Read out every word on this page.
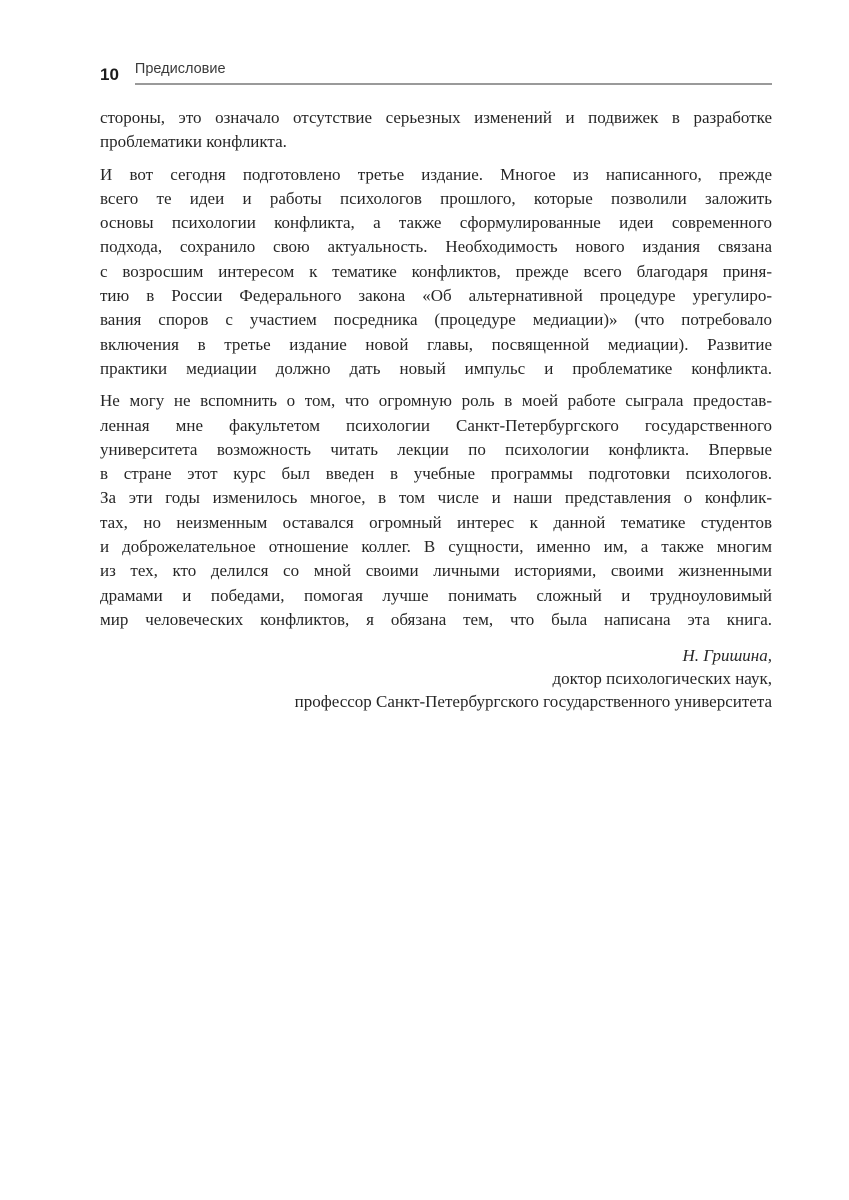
10	Предисловие
стороны, это означало отсутствие серьезных изменений и подвижек в разработке
проблематики конфликта.
И вот сегодня подготовлено третье издание. Многое из написанного, прежде
всего те идеи и работы психологов прошлого, которые позволили заложить
основы психологии конфликта, а также сформулированные идеи современного
подхода, сохранило свою актуальность. Необходимость нового издания связана
с возросшим интересом к тематике конфликтов, прежде всего благодаря приня-
тию в России Федерального закона «Об альтернативной процедуре урегулиро-
вания споров с участием посредника (процедуре медиации)» (что потребовало
включения в третье издание новой главы, посвященной медиации). Развитие
практики медиации должно дать новый импульс и проблематике конфликта.
Не могу не вспомнить о том, что огромную роль в моей работе сыграла предостав-
ленная мне факультетом психологии Санкт-Петербургского государственного
университета возможность читать лекции по психологии конфликта. Впервые
в стране этот курс был введен в учебные программы подготовки психологов.
За эти годы изменилось многое, в том числе и наши представления о конфлик-
тах, но неизменным оставался огромный интерес к данной тематике студентов
и доброжелательное отношение коллег. В сущности, именно им, а также многим
из тех, кто делился со мной своими личными историями, своими жизненными
драмами и победами, помогая лучше понимать сложный и трудноуловимый
мир человеческих конфликтов, я обязана тем, что была написана эта книга.
Н. Гришина,
доктор психологических наук,
профессор Санкт-Петербургского государственного университета
